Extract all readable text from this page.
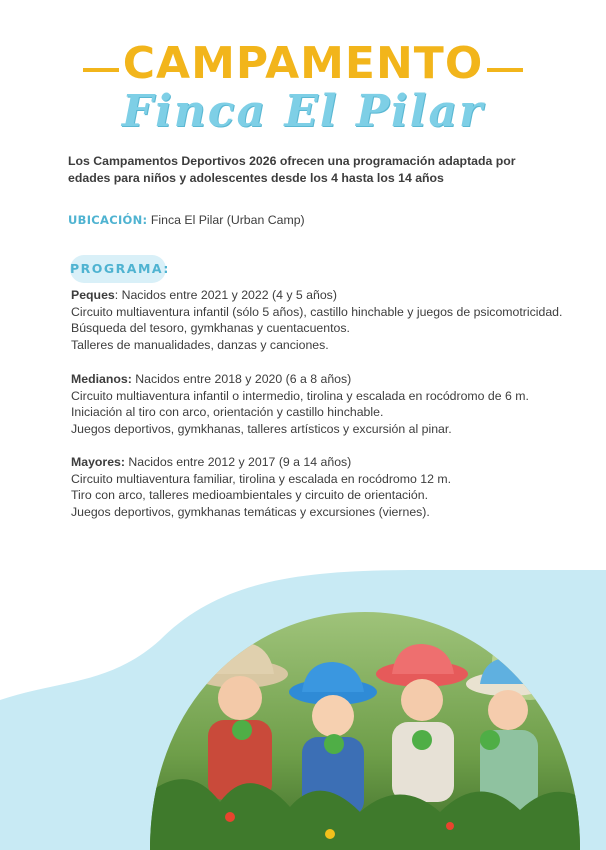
CAMPAMENTO
Finca El Pilar
Los Campamentos Deportivos 2026 ofrecen una programación adaptada por edades para niños y adolescentes desde los 4 hasta los 14 años
UBICACIÓN: Finca El Pilar (Urban Camp)
PROGRAMA:
Peques: Nacidos entre 2021 y 2022 (4 y 5 años)
Circuito multiaventura infantil (sólo 5 años), castillo hinchable y juegos de psicomotricidad.
Búsqueda del tesoro, gymkhanas y cuentacuentos.
Talleres de manualidades, danzas y canciones.
Medianos: Nacidos entre 2018 y 2020 (6 a 8 años)
Circuito multiaventura infantil o intermedio, tirolina y escalada en rocódromo de 6 m.
Iniciación al tiro con arco, orientación y castillo hinchable.
Juegos deportivos, gymkhanas, talleres artísticos y excursión al pinar.
Mayores: Nacidos entre 2012 y 2017 (9 a 14 años)
Circuito multiaventura familiar, tirolina y escalada en rocódromo 12 m.
Tiro con arco, talleres medioambientales y circuito de orientación.
Juegos deportivos, gymkhanas temáticas y excursiones (viernes).
